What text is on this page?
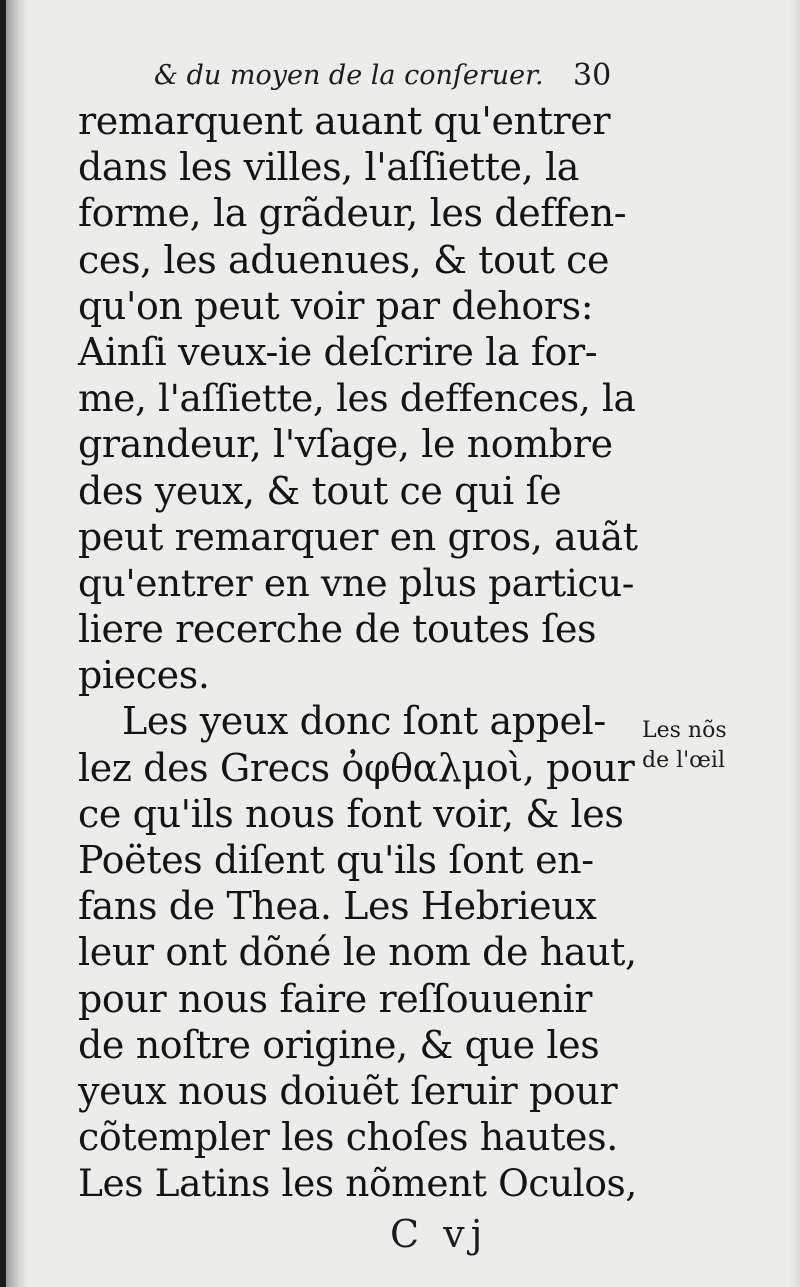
& du moyen de la conſeruer. 30
remarquent auant qu'entrer
dans les villes, l'aſſiette, la
forme, la grãdeur, les deffen-
ces, les aduenues, & tout ce
qu'on peut voir par dehors:
Ainſi veux-ie deſcrire la for-
me, l'aſſiette, les deffences, la
grandeur, l'vſage, le nombre
des yeux, & tout ce qui ſe
peut remarquer en gros, auãt
qu'entrer en vne plus particu-
liere recerche de toutes ſes
pieces.
Les yeux donc ſont appel-
lez des Grecs ὀφθαλμοὶ, pour
ce qu'ils nous font voir, & les
Poëtes diſent qu'ils ſont en-
fans de Thea. Les Hebrieux
leur ont dõné le nom de haut,
pour nous faire reſſouuenir
de noſtre origine, & que les
yeux nous doiuẽt ſeruir pour
cõtempler les choſes hautes.
Les Latins les nõment Oculos,
Les nõs
de l'œil
C vj
